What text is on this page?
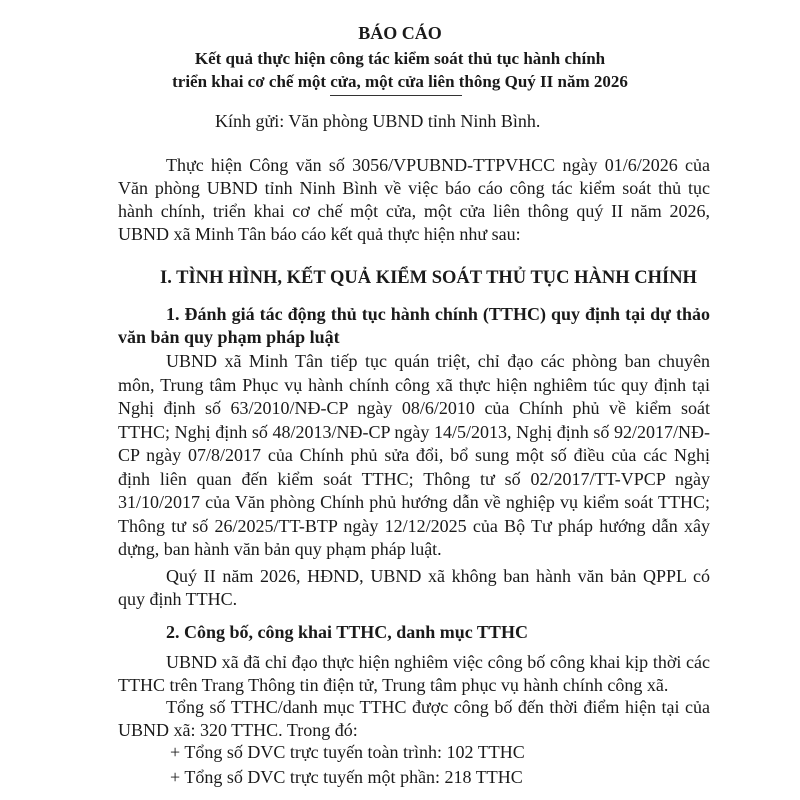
BÁO CÁO
Kết quả thực hiện công tác kiểm soát thủ tục hành chính
triển khai cơ chế một cửa, một cửa liên thông Quý II năm 2026
Kính gửi: Văn phòng UBND tỉnh Ninh Bình.

Thực hiện Công văn số 3056/VPUBND-TTPVHCC ngày 01/6/2026 của Văn phòng UBND tỉnh Ninh Bình về việc báo cáo công tác kiểm soát thủ tục hành chính, triển khai cơ chế một cửa, một cửa liên thông quý II năm 2026, UBND xã Minh Tân báo cáo kết quả thực hiện như sau:

I. TÌNH HÌNH, KẾT QUẢ KIỂM SOÁT THỦ TỤC HÀNH CHÍNH

1. Đánh giá tác động thủ tục hành chính (TTHC) quy định tại dự thảo văn bản quy phạm pháp luật

UBND xã Minh Tân tiếp tục quán triệt, chỉ đạo các phòng ban chuyên môn, Trung tâm Phục vụ hành chính công xã thực hiện nghiêm túc quy định tại Nghị định số 63/2010/NĐ-CP ngày 08/6/2010 của Chính phủ về kiểm soát TTHC; Nghị định số 48/2013/NĐ-CP ngày 14/5/2013, Nghị định số 92/2017/NĐ-CP ngày 07/8/2017 của Chính phủ sửa đổi, bổ sung một số điều của các Nghị định liên quan đến kiểm soát TTHC; Thông tư số 02/2017/TT-VPCP ngày 31/10/2017 của Văn phòng Chính phủ hướng dẫn về nghiệp vụ kiểm soát TTHC; Thông tư số 26/2025/TT-BTP ngày 12/12/2025 của Bộ Tư pháp hướng dẫn xây dựng, ban hành văn bản quy phạm pháp luật.

Quý II năm 2026, HĐND, UBND xã không ban hành văn bản QPPL có quy định TTHC.

2. Công bố, công khai TTHC, danh mục TTHC

UBND xã đã chỉ đạo thực hiện nghiêm việc công bố công khai kịp thời các TTHC trên Trang Thông tin điện tử, Trung tâm phục vụ hành chính công xã.

Tổng số TTHC/danh mục TTHC được công bố đến thời điểm hiện tại của UBND xã: 320 TTHC. Trong đó:

+ Tổng số DVC trực tuyến toàn trình: 102 TTHC
+ Tổng số DVC trực tuyến một phần: 218 TTHC
